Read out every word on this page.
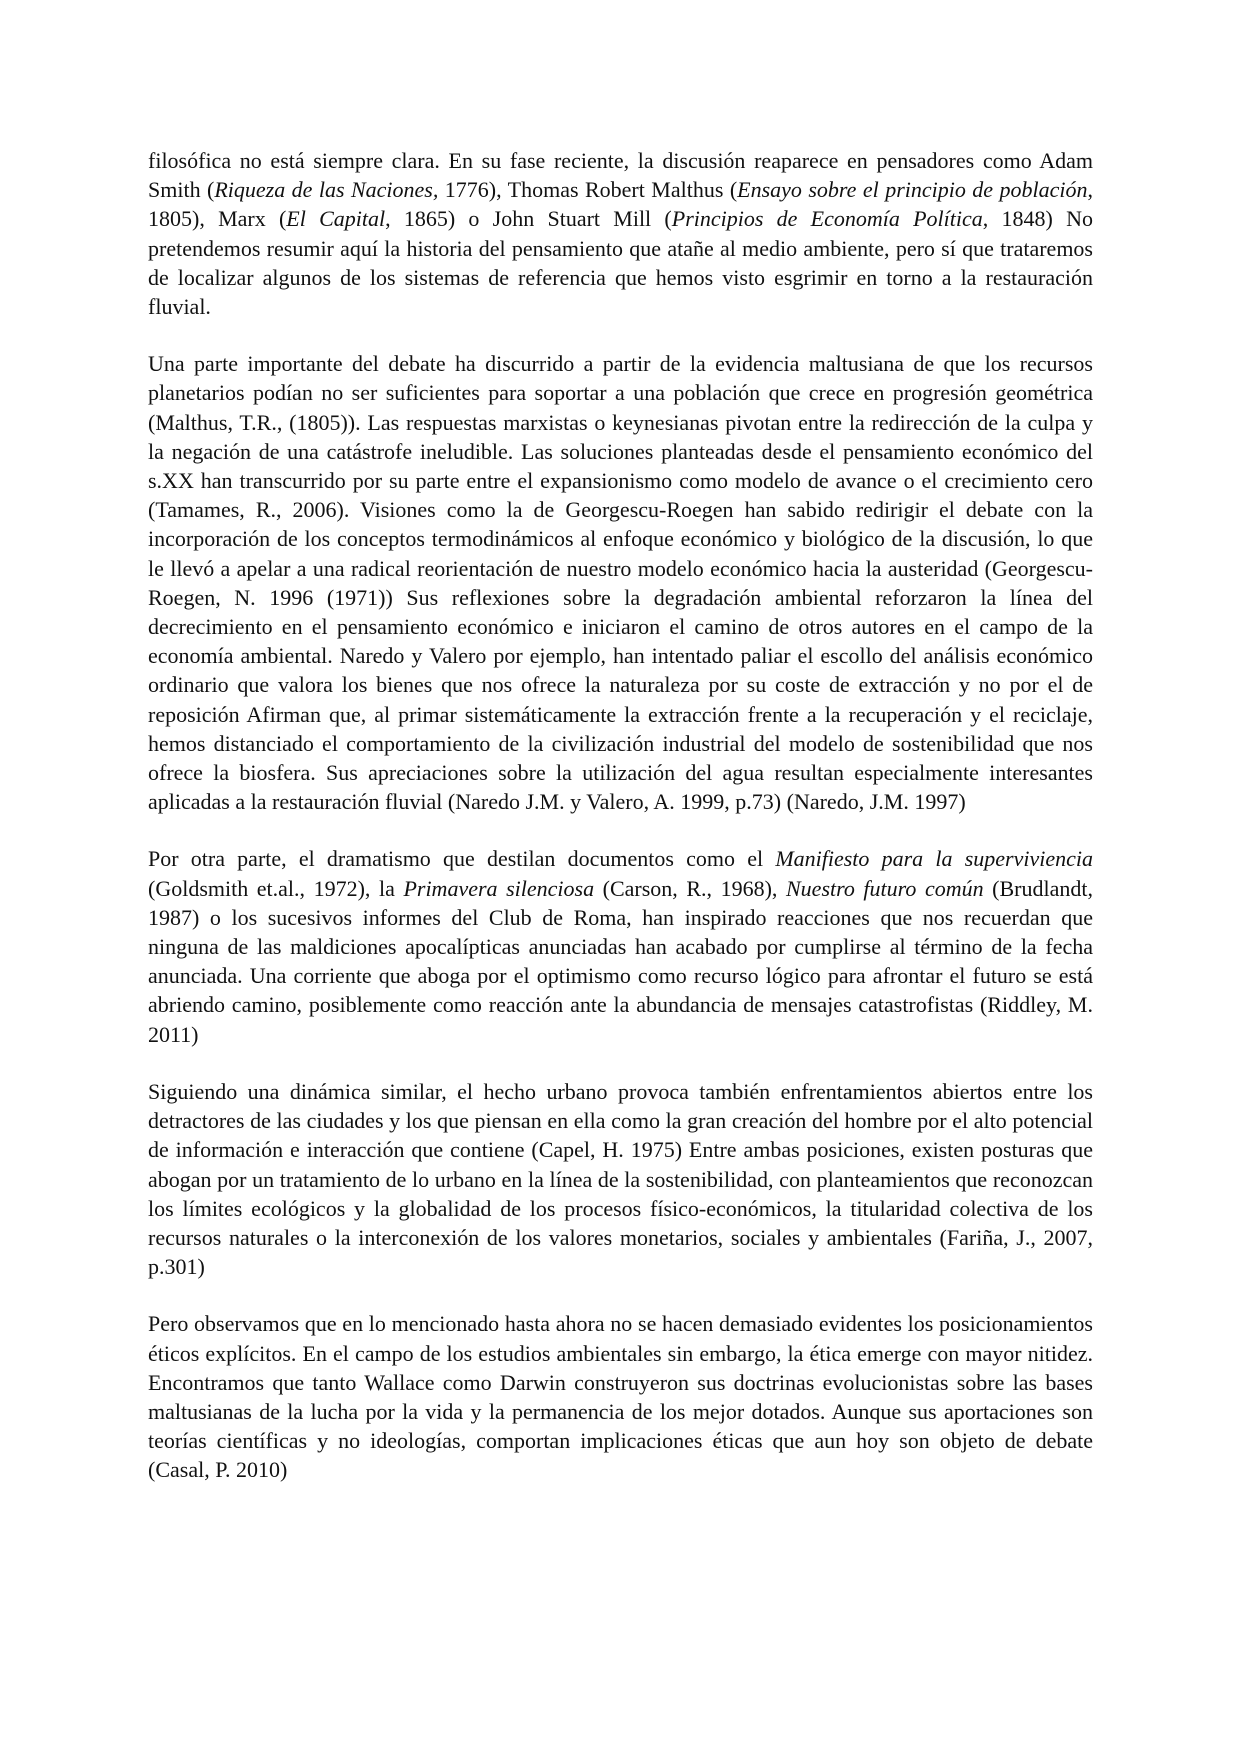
filosófica no está siempre clara. En su fase reciente, la discusión reaparece en pensadores como Adam Smith (Riqueza de las Naciones, 1776), Thomas Robert Malthus (Ensayo sobre el principio de población, 1805), Marx (El Capital, 1865) o John Stuart Mill (Principios de Economía Política, 1848) No pretendemos resumir aquí la historia del pensamiento que atañe al medio ambiente, pero sí que trataremos de localizar algunos de los sistemas de referencia que hemos visto esgrimir en torno a la restauración fluvial.

Una parte importante del debate ha discurrido a partir de la evidencia maltusiana de que los recursos planetarios podían no ser suficientes para soportar a una población que crece en progresión geométrica (Malthus, T.R., (1805)). Las respuestas marxistas o keynesianas pivotan entre la redirección de la culpa y la negación de una catástrofe ineludible. Las soluciones planteadas desde el pensamiento económico del s.XX han transcurrido por su parte entre el expansionismo como modelo de avance o el crecimiento cero (Tamames, R., 2006). Visiones como la de Georgescu-Roegen han sabido redirigir el debate con la incorporación de los conceptos termodinámicos al enfoque económico y biológico de la discusión, lo que le llevó a apelar a una radical reorientación de nuestro modelo económico hacia la austeridad (Georgescu-Roegen, N. 1996 (1971)) Sus reflexiones sobre la degradación ambiental reforzaron la línea del decrecimiento en el pensamiento económico e iniciaron el camino de otros autores en el campo de la economía ambiental. Naredo y Valero por ejemplo, han intentado paliar el escollo del análisis económico ordinario que valora los bienes que nos ofrece la naturaleza por su coste de extracción y no por el de reposición Afirman que, al primar sistemáticamente la extracción frente a la recuperación y el reciclaje, hemos distanciado el comportamiento de la civilización industrial del modelo de sostenibilidad que nos ofrece la biosfera. Sus apreciaciones sobre la utilización del agua resultan especialmente interesantes aplicadas a la restauración fluvial (Naredo J.M. y Valero, A. 1999, p.73) (Naredo, J.M. 1997)

Por otra parte, el dramatismo que destilan documentos como el Manifiesto para la superviviencia (Goldsmith et.al., 1972), la Primavera silenciosa (Carson, R., 1968), Nuestro futuro común (Brudlandt, 1987) o los sucesivos informes del Club de Roma, han inspirado reacciones que nos recuerdan que ninguna de las maldiciones apocalípticas anunciadas han acabado por cumplirse al término de la fecha anunciada. Una corriente que aboga por el optimismo como recurso lógico para afrontar el futuro se está abriendo camino, posiblemente como reacción ante la abundancia de mensajes catastrofistas (Riddley, M. 2011)

Siguiendo una dinámica similar, el hecho urbano provoca también enfrentamientos abiertos entre los detractores de las ciudades y los que piensan en ella como la gran creación del hombre por el alto potencial de información e interacción que contiene (Capel, H. 1975) Entre ambas posiciones, existen posturas que abogan por un tratamiento de lo urbano en la línea de la sostenibilidad, con planteamientos que reconozcan los límites ecológicos y la globalidad de los procesos físico-económicos, la titularidad colectiva de los recursos naturales o la interconexión de los valores monetarios, sociales y ambientales (Fariña, J., 2007, p.301)

Pero observamos que en lo mencionado hasta ahora no se hacen demasiado evidentes los posicionamientos éticos explícitos. En el campo de los estudios ambientales sin embargo, la ética emerge con mayor nitidez. Encontramos que tanto Wallace como Darwin construyeron sus doctrinas evolucionistas sobre las bases maltusianas de la lucha por la vida y la permanencia de los mejor dotados. Aunque sus aportaciones son teorías científicas y no ideologías, comportan implicaciones éticas que aun hoy son objeto de debate (Casal, P. 2010)
